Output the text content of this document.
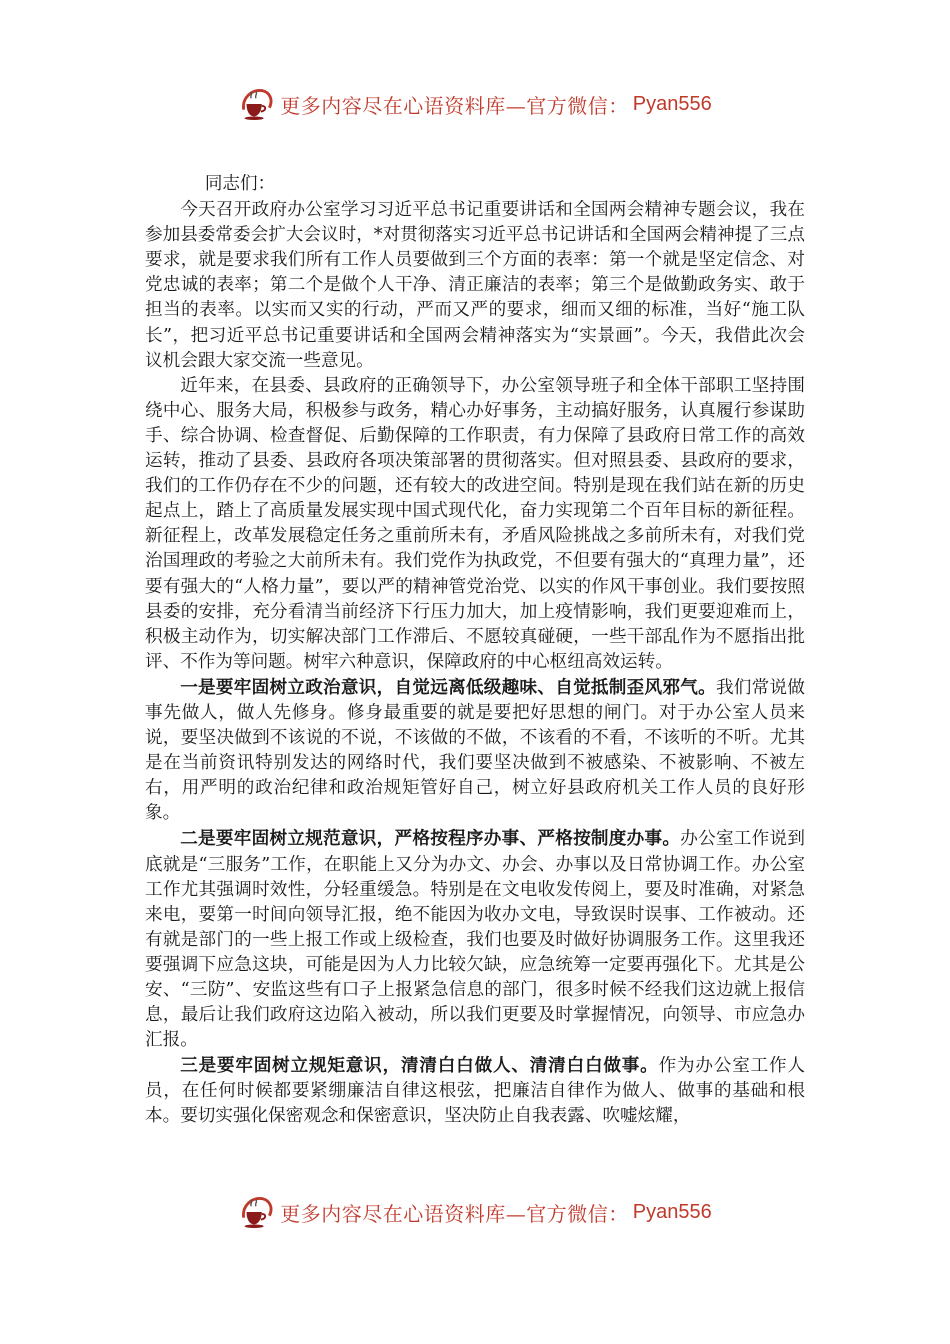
更多内容尽在心语资料库—官方微信： Pyan556

同志们：

今天召开政府办公室学习习近平总书记重要讲话和全国两会精神专题会议，我在参加县委常委会扩大会议时，*对贯彻落实习近平总书记讲话和全国两会精神提了三点要求，就是要求我们所有工作人员要做到三个方面的表率：第一个就是坚定信念、对党忠诚的表率；第二个是做个人干净、清正廉洁的表率；第三个是做勤政务实、敢于担当的表率。以实而又实的行动，严而又严的要求，细而又细的标准，当好“施工队长”，把习近平总书记重要讲话和全国两会精神落实为“实景画”。今天，我借此次会议机会跟大家交流一些意见。

近年来，在县委、县政府的正确领导下，办公室领导班子和全体干部职工坚持围绕中心、服务大局，积极参与政务，精心办好事务，主动搞好服务，认真履行参谋助手、综合协调、检查督促、后勤保障的工作职责，有力保障了县政府日常工作的高效运转，推动了县委、县政府各项决策部署的贯彻落实。但对照县委、县政府的要求，我们的工作仍存在不少的问题，还有较大的改进空间。特别是现在我们站在新的历史起点上，踏上了高质量发展实现中国式现代化，奋力实现第二个百年目标的新征程。新征程上，改革发展稳定任务之重前所未有，矛盾风险挑战之多前所未有，对我们党治国理政的考验之大前所未有。我们党作为执政党，不但要有强大的“真理力量”，还要有强大的“人格力量”，要以严的精神管党治党、以实的作风干事创业。我们要按照县委的安排，充分看清当前经济下行压力加大，加上疫情影响，我们更要迎难而上，积极主动作为，切实解决部门工作滞后、不愿较真碰硬，一些干部乱作为不愿指出批评、不作为等问题。树牢六种意识，保障政府的中心枢纽高效运转。

一是要牢固树立政治意识，自觉远离低级趣味、自觉抵制歪风邪气。我们常说做事先做人，做人先修身。修身最重要的就是要把好思想的闸门。对于办公室人员来说，要坚决做到不该说的不说，不该做的不做，不该看的不看，不该听的不听。尤其是在当前资讯特别发达的网络时代，我们要坚决做到不被感染、不被影响、不被左右，用严明的政治纪律和政治规矩管好自己，树立好县政府机关工作人员的良好形象。

二是要牢固树立规范意识，严格按程序办事、严格按制度办事。办公室工作说到底就是“三服务”工作，在职能上又分为办文、办会、办事以及日常协调工作。办公室工作尤其强调时效性，分轻重缓急。特别是在文电收发传阅上，要及时准确，对紧急来电，要第一时间向领导汇报，绝不能因为收办文电，导致误时误事、工作被动。还有就是部门的一些上报工作或上级检查，我们也要及时做好协调服务工作。这里我还要强调下应急这块，可能是因为人力比较欠缺，应急统筹一定要再强化下。尤其是公安、“三防”、安监这些有口子上报紧急信息的部门，很多时候不经我们这边就上报信息，最后让我们政府这边陷入被动，所以我们更要及时掌握情况，向领导、市应急办汇报。

三是要牢固树立规矩意识，清清白白做人、清清白白做事。作为办公室工作人员，在任何时候都要紧绷廉洁自律这根弦，把廉洁自律作为做人、做事的基础和根本。要切实强化保密观念和保密意识，坚决防止自我表露、吹嘘炫耀，

更多内容尽在心语资料库—官方微信： Pyan556
